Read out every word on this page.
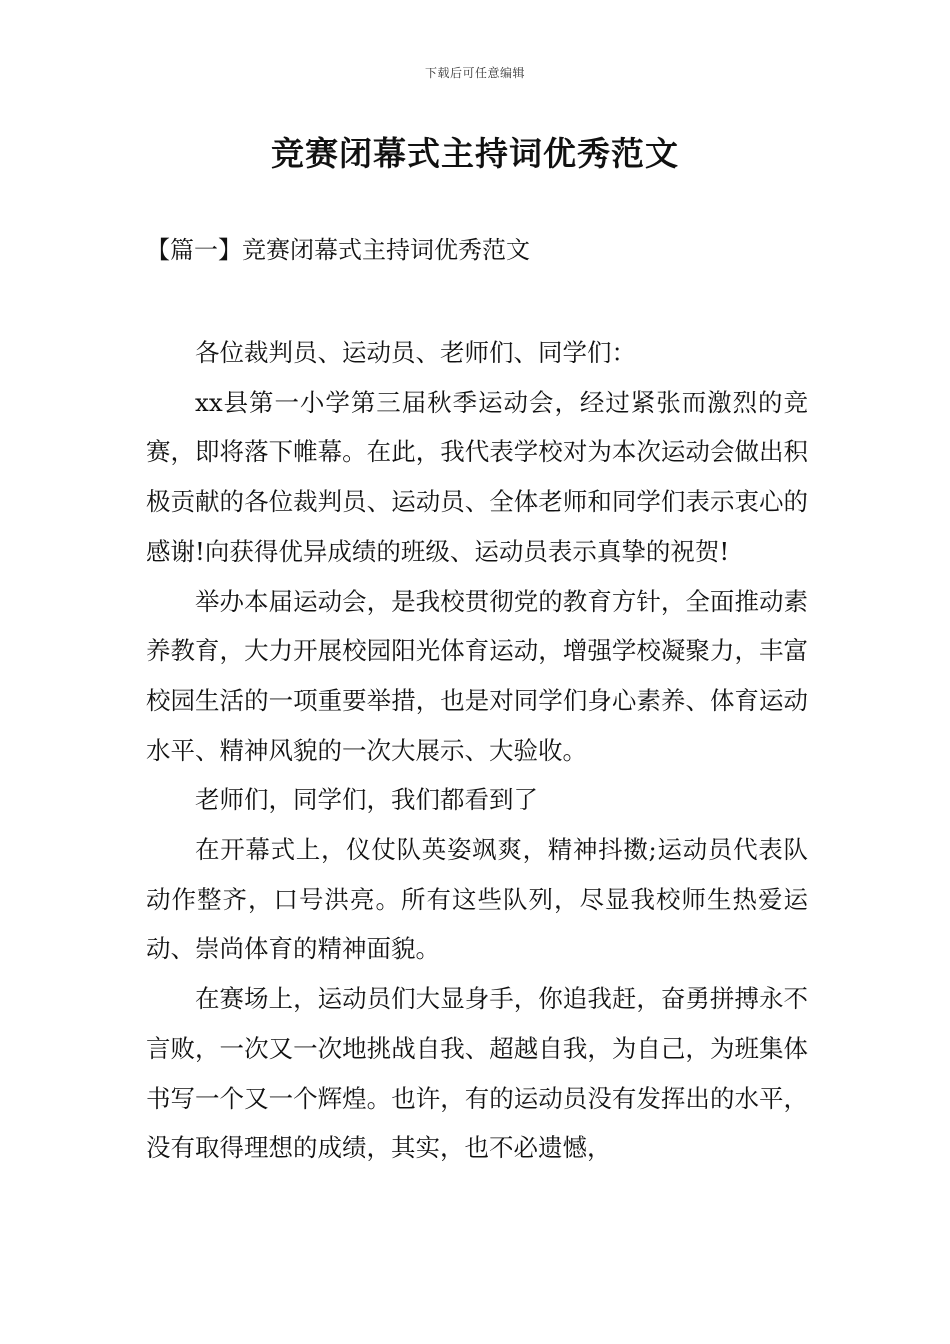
下载后可任意编辑
竞赛闭幕式主持词优秀范文
【篇一】竞赛闭幕式主持词优秀范文

各位裁判员、运动员、老师们、同学们：

xx县第一小学第三届秋季运动会，经过紧张而激烈的竞赛，即将落下帷幕。在此，我代表学校对为本次运动会做出积极贡献的各位裁判员、运动员、全体老师和同学们表示衷心的感谢!向获得优异成绩的班级、运动员表示真挚的祝贺!

举办本届运动会，是我校贯彻党的教育方针，全面推动素养教育，大力开展校园阳光体育运动，增强学校凝聚力，丰富校园生活的一项重要举措，也是对同学们身心素养、体育运动水平、精神风貌的一次大展示、大验收。

老师们，同学们，我们都看到了

在开幕式上，仪仗队英姿飒爽，精神抖擞;运动员代表队动作整齐，口号洪亮。所有这些队列，尽显我校师生热爱运动、崇尚体育的精神面貌。

在赛场上，运动员们大显身手，你追我赶，奋勇拼搏永不言败，一次又一次地挑战自我、超越自我，为自己，为班集体书写一个又一个辉煌。也许，有的运动员没有发挥出的水平，没有取得理想的成绩，其实，也不必遗憾，
